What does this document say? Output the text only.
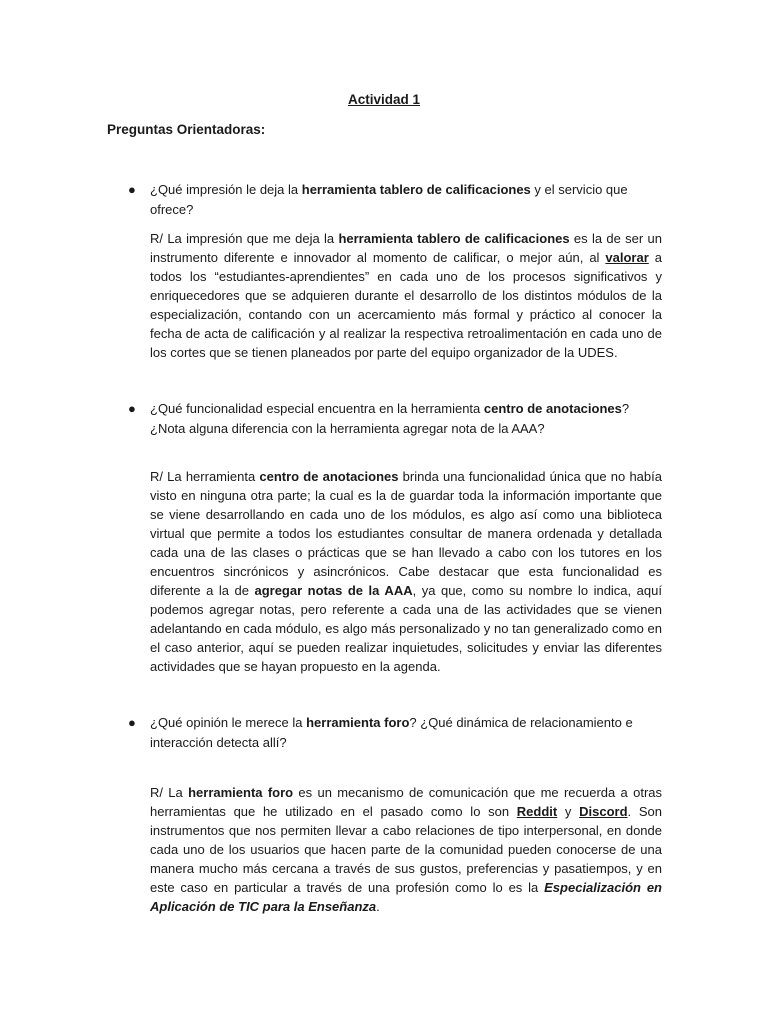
Actividad 1
Preguntas Orientadoras:
● ¿Qué impresión le deja la herramienta tablero de calificaciones y el servicio que ofrece?
R/ La impresión que me deja la herramienta tablero de calificaciones es la de ser un instrumento diferente e innovador al momento de calificar, o mejor aún, al valorar a todos los “estudiantes-aprendientes” en cada uno de los procesos significativos y enriquecedores que se adquieren durante el desarrollo de los distintos módulos de la especialización, contando con un acercamiento más formal y práctico al conocer la fecha de acta de calificación y al realizar la respectiva retroalimentación en cada uno de los cortes que se tienen planeados por parte del equipo organizador de la UDES.
● ¿Qué funcionalidad especial encuentra en la herramienta centro de anotaciones? ¿Nota alguna diferencia con la herramienta agregar nota de la AAA?
R/ La herramienta centro de anotaciones brinda una funcionalidad única que no había visto en ninguna otra parte; la cual es la de guardar toda la información importante que se viene desarrollando en cada uno de los módulos, es algo así como una biblioteca virtual que permite a todos los estudiantes consultar de manera ordenada y detallada cada una de las clases o prácticas que se han llevado a cabo con los tutores en los encuentros sincrónicos y asincrónicos. Cabe destacar que esta funcionalidad es diferente a la de agregar notas de la AAA, ya que, como su nombre lo indica, aquí podemos agregar notas, pero referente a cada una de las actividades que se vienen adelantando en cada módulo, es algo más personalizado y no tan generalizado como en el caso anterior, aquí se pueden realizar inquietudes, solicitudes y enviar las diferentes actividades que se hayan propuesto en la agenda.
● ¿Qué opinión le merece la herramienta foro? ¿Qué dinámica de relacionamiento e interacción detecta allí?
R/ La herramienta foro es un mecanismo de comunicación que me recuerda a otras herramientas que he utilizado en el pasado como lo son Reddit y Discord. Son instrumentos que nos permiten llevar a cabo relaciones de tipo interpersonal, en donde cada uno de los usuarios que hacen parte de la comunidad pueden conocerse de una manera mucho más cercana a través de sus gustos, preferencias y pasatiempos, y en este caso en particular a través de una profesión como lo es la Especialización en Aplicación de TIC para la Enseñanza.
